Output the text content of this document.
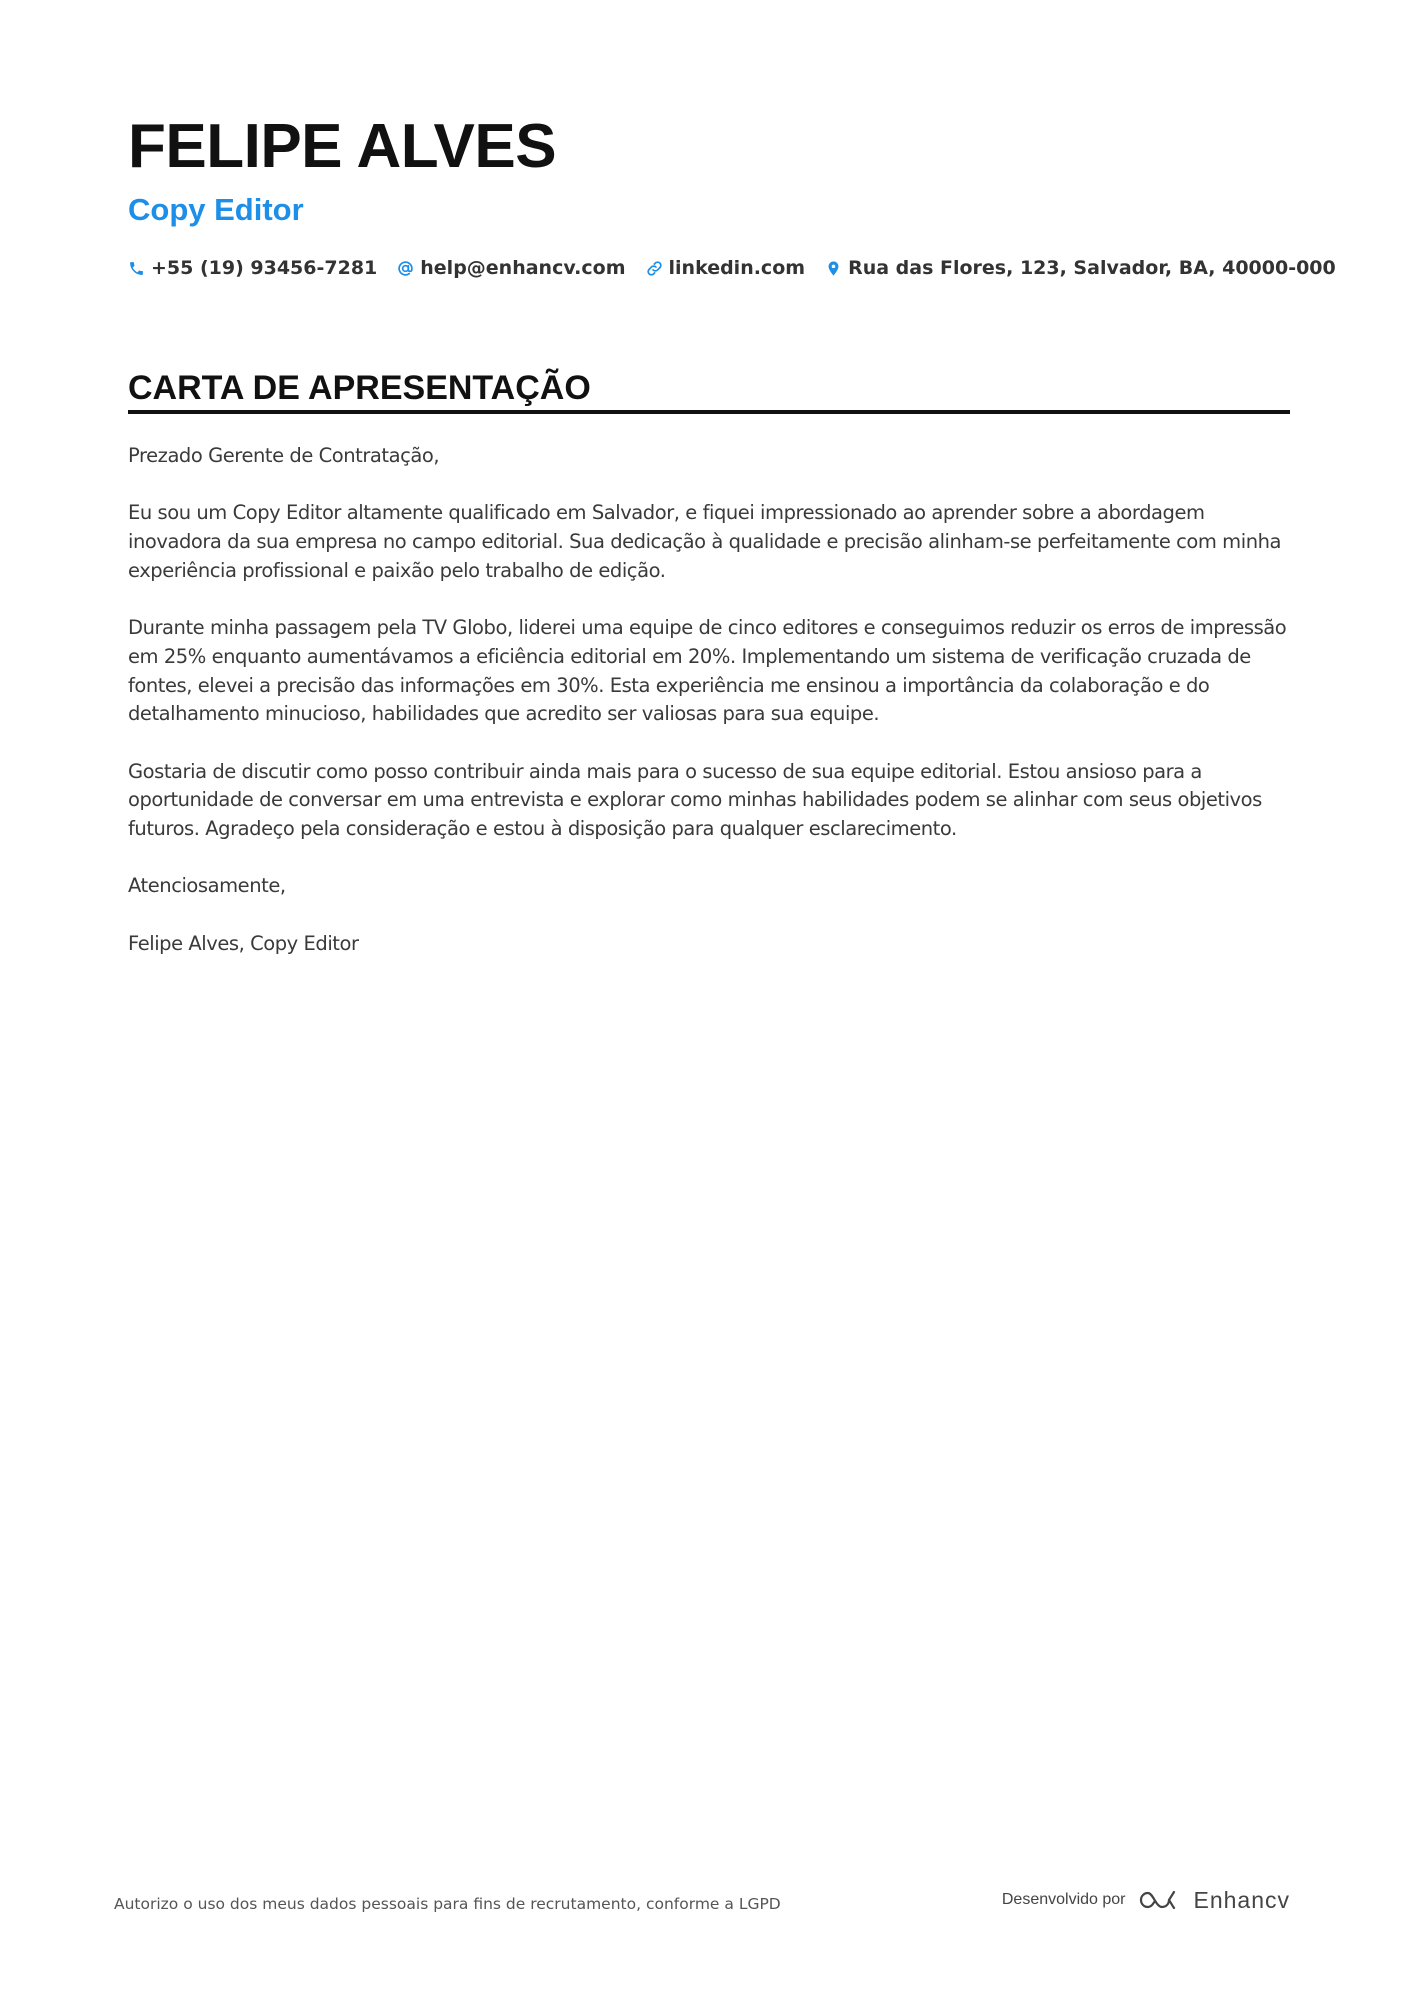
FELIPE ALVES
Copy Editor
+55 (19) 93456-7281 help@enhancv.com linkedin.com Rua das Flores, 123, Salvador, BA, 40000-000
CARTA DE APRESENTAÇÃO

Prezado Gerente de Contratação,

Eu sou um Copy Editor altamente qualificado em Salvador, e fiquei impressionado ao aprender sobre a abordagem inovadora da sua empresa no campo editorial. Sua dedicação à qualidade e precisão alinham-se perfeitamente com minha experiência profissional e paixão pelo trabalho de edição.

Durante minha passagem pela TV Globo, liderei uma equipe de cinco editores e conseguimos reduzir os erros de impressão em 25% enquanto aumentávamos a eficiência editorial em 20%. Implementando um sistema de verificação cruzada de fontes, elevei a precisão das informações em 30%. Esta experiência me ensinou a importância da colaboração e do detalhamento minucioso, habilidades que acredito ser valiosas para sua equipe.

Gostaria de discutir como posso contribuir ainda mais para o sucesso de sua equipe editorial. Estou ansioso para a oportunidade de conversar em uma entrevista e explorar como minhas habilidades podem se alinhar com seus objetivos futuros. Agradeço pela consideração e estou à disposição para qualquer esclarecimento.

Atenciosamente,

Felipe Alves, Copy Editor

Autorizo o uso dos meus dados pessoais para fins de recrutamento, conforme a LGPD	Desenvolvido por	Enhancv
